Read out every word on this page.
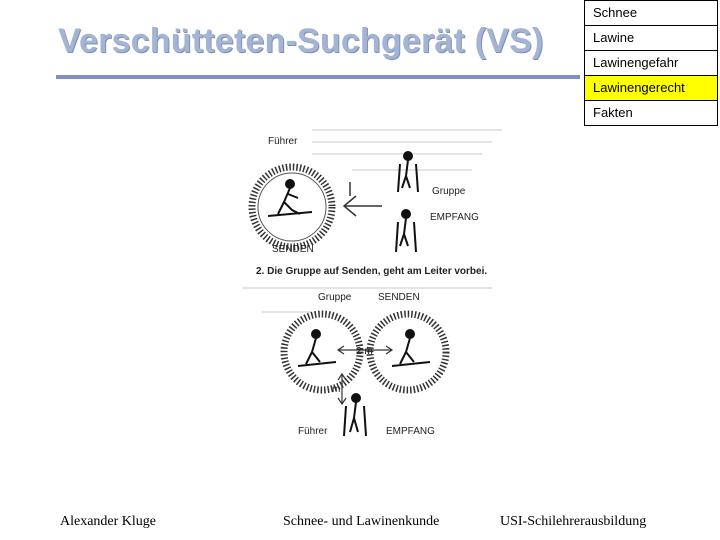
Verschütteten-Suchgerät (VS)
Schnee
Lawine
Lawinengefahr
Lawinengerecht
Fakten
Führer
Gruppe
EMPFANG
SENDEN
2. Die Gruppe auf Senden, geht am Leiter vorbei.
Gruppe	SENDEN
2 m
m
Führer	EMPFANG
Alexander Kluge	Schnee- und Lawinenkunde	USI-Schilehrerausbildung
